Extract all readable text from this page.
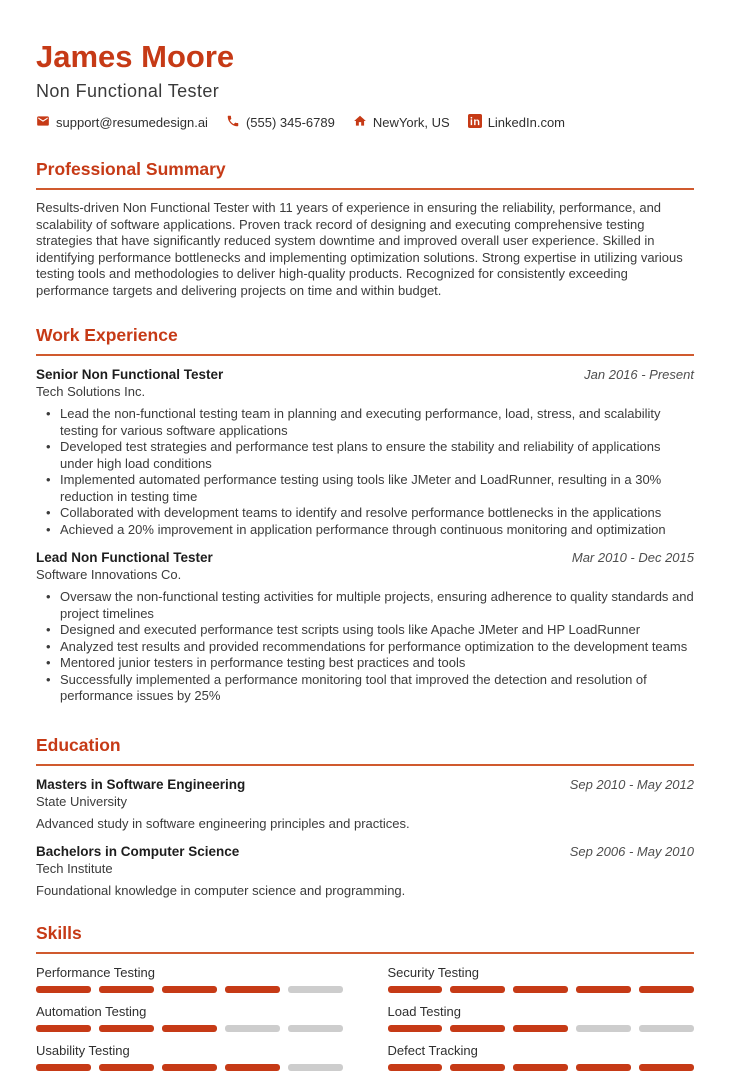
James Moore
Non Functional Tester
support@resumedesign.ai	(555) 345-6789	NewYork, US	LinkedIn.com
Professional Summary

Results-driven Non Functional Tester with 11 years of experience in ensuring the reliability, performance, and scalability of software applications. Proven track record of designing and executing comprehensive testing strategies that have significantly reduced system downtime and improved overall user experience. Skilled in identifying performance bottlenecks and implementing optimization solutions. Strong expertise in utilizing various testing tools and methodologies to deliver high-quality products. Recognized for consistently exceeding performance targets and delivering projects on time and within budget.

Work Experience
Senior Non Functional Tester	Jan 2016 - Present
Tech Solutions Inc.
• Lead the non-functional testing team in planning and executing performance, load, stress, and scalability testing for various software applications
• Developed test strategies and performance test plans to ensure the stability and reliability of applications under high load conditions
• Implemented automated performance testing using tools like JMeter and LoadRunner, resulting in a 30% reduction in testing time
• Collaborated with development teams to identify and resolve performance bottlenecks in the applications
• Achieved a 20% improvement in application performance through continuous monitoring and optimization
Lead Non Functional Tester	Mar 2010 - Dec 2015
Software Innovations Co.
• Oversaw the non-functional testing activities for multiple projects, ensuring adherence to quality standards and project timelines
• Designed and executed performance test scripts using tools like Apache JMeter and HP LoadRunner
• Analyzed test results and provided recommendations for performance optimization to the development teams
• Mentored junior testers in performance testing best practices and tools
• Successfully implemented a performance monitoring tool that improved the detection and resolution of performance issues by 25%
Education
Masters in Software Engineering	Sep 2010 - May 2012
State University
Advanced study in software engineering principles and practices.
Bachelors in Computer Science	Sep 2006 - May 2010
Tech Institute
Foundational knowledge in computer science and programming.
Skills
Performance Testing	Security Testing
Automation Testing	Load Testing
Usability Testing	Defect Tracking
